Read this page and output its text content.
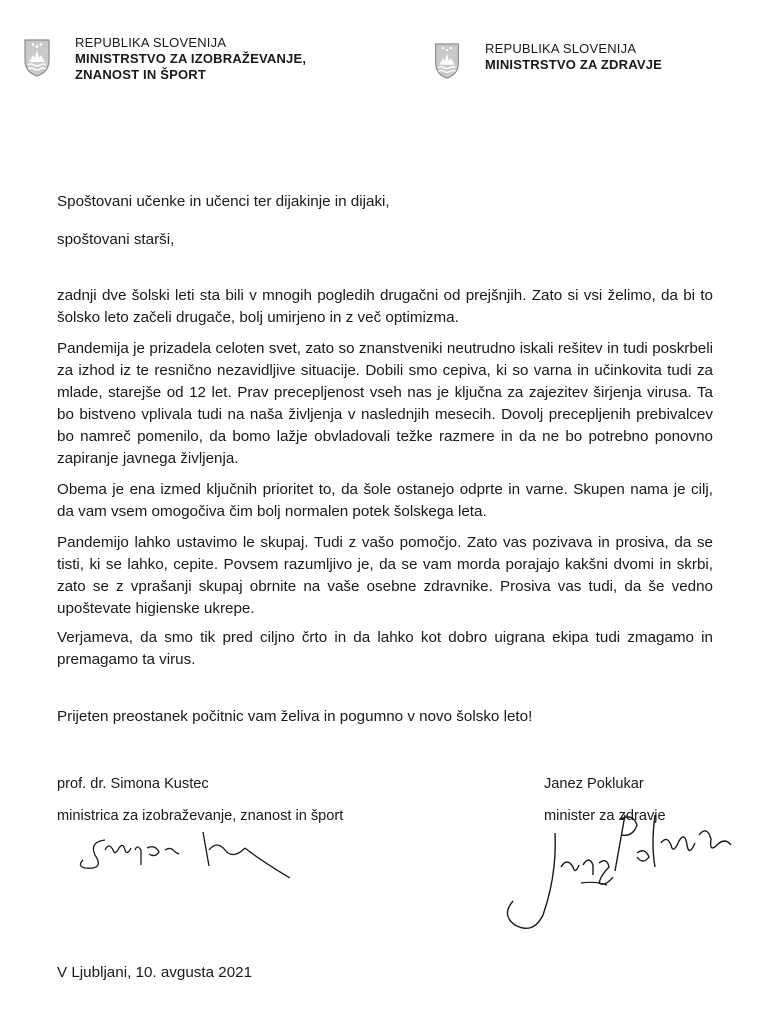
REPUBLIKA SLOVENIJA
MINISTRSTVO ZA IZOBRAŽEVANJE,
ZNANOST IN ŠPORT
REPUBLIKA SLOVENIJA
MINISTRSTVO ZA ZDRAVJE
Spoštovani učenke in učenci ter dijakinje in dijaki,
spoštovani starši,

zadnji dve šolski leti sta bili v mnogih pogledih drugačni od prejšnjih. Zato si vsi želimo, da bi to šolsko leto začeli drugače, bolj umirjeno in z več optimizma.

Pandemija je prizadela celoten svet, zato so znanstveniki neutrudno iskali rešitev in tudi poskrbeli za izhod iz te resnično nezavidljive situacije. Dobili smo cepiva, ki so varna in učinkovita tudi za mlade, starejše od 12 let. Prav precepljenost vseh nas je ključna za zajezitev širjenja virusa. Ta bo bistveno vplivala tudi na naša življenja v naslednjih mesecih. Dovolj precepljenih prebivalcev bo namreč pomenilo, da bomo lažje obvladovali težke razmere in da ne bo potrebno ponovno zapiranje javnega življenja.

Obema je ena izmed ključnih prioritet to, da šole ostanejo odprte in varne. Skupen nama je cilj, da vam vsem omogočiva čim bolj normalen potek šolskega leta.

Pandemijo lahko ustavimo le skupaj. Tudi z vašo pomočjo. Zato vas pozivava in prosiva, da se tisti, ki se lahko, cepite. Povsem razumljivo je, da se vam morda porajajo kakšni dvomi in skrbi, zato se z vprašanji skupaj obrnite na vaše osebne zdravnike. Prosiva vas tudi, da še vedno upoštevate higienske ukrepe.

Verjameva, da smo tik pred ciljno črto in da lahko kot dobro uigrana ekipa tudi zmagamo in premagamo ta virus.

Prijeten preostanek počitnic vam želiva in pogumno v novo šolsko leto!
prof. dr. Simona Kustec
ministrica za izobraževanje, znanost in šport
Janez Poklukar
minister za zdravje
V Ljubljani, 10. avgusta 2021
